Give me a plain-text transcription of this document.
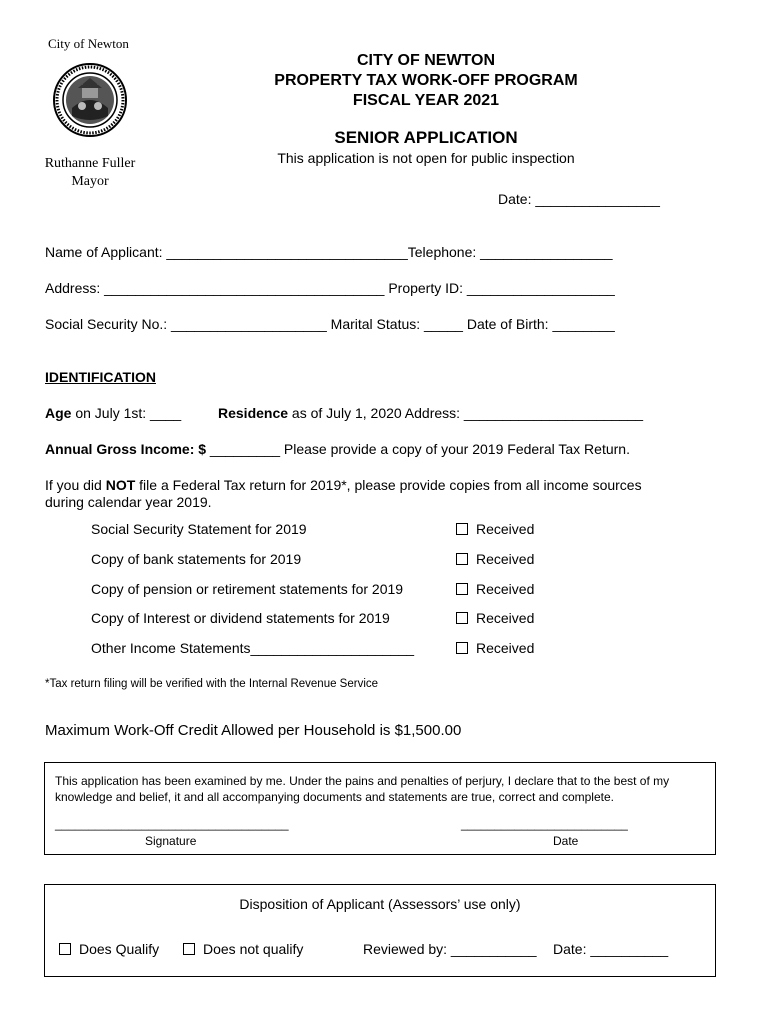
City of Newton
Ruthanne Fuller
Mayor
CITY OF NEWTON
PROPERTY TAX WORK-OFF PROGRAM
FISCAL YEAR 2021
SENIOR APPLICATION
This application is not open for public inspection
Date: ________________
Name of Applicant: _______________________________Telephone: _________________
Address: ____________________________________ Property ID: ___________________
Social Security No.: ____________________ Marital Status: _____ Date of Birth: ________
IDENTIFICATION
Age on July 1st: ____	Residence as of July 1, 2020 Address: _______________________
Annual Gross Income: $ _________ Please provide a copy of your 2019 Federal Tax Return.
If you did NOT file a Federal Tax return for 2019*, please provide copies from all income sources
during calendar year 2019.
Social Security Statement for 2019	Received
Copy of bank statements for 2019	Received
Copy of pension or retirement statements for 2019	Received
Copy of Interest or dividend statements for 2019	Received
Other Income Statements_____________________	Received
*Tax return filing will be verified with the Internal Revenue Service
Maximum Work-Off Credit Allowed per Household is $1,500.00
This application has been examined by me. Under the pains and penalties of perjury, I declare that to the best of my
knowledge and belief, it and all accompanying documents and statements are true, correct and complete.
___________________________________
Signature
_________________________
Date
Disposition of Applicant (Assessors’ use only)
Does Qualify	Does not qualify	Reviewed by: ___________ Date: __________
